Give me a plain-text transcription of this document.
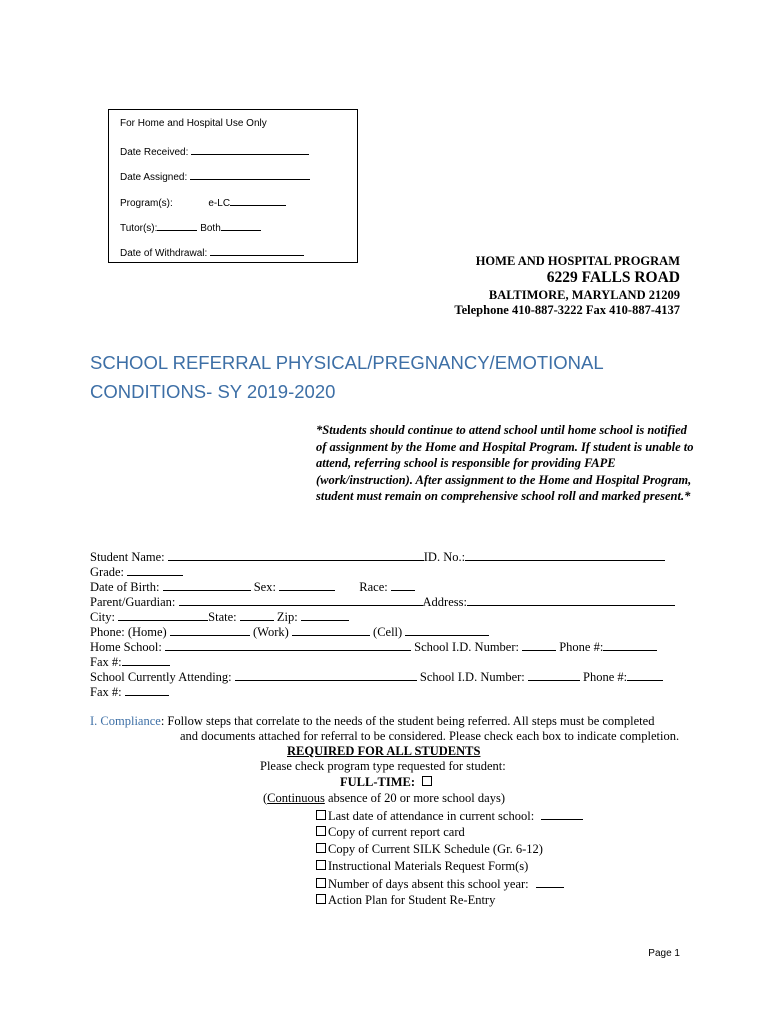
For Home and Hospital Use Only
Date Received:
Date Assigned:
Program(s):	e-LC
Tutor(s):	Both
Date of Withdrawal:
HOME AND HOSPITAL PROGRAM
6229 FALLS ROAD
BALTIMORE, MARYLAND 21209
Telephone 410-887-3222 Fax 410-887-4137
SCHOOL REFERRAL PHYSICAL/PREGNANCY/EMOTIONAL CONDITIONS- SY 2019-2020
*Students should continue to attend school until home school is notified of assignment by the Home and Hospital Program. If student is unable to attend, referring school is responsible for providing FAPE (work/instruction). After assignment to the Home and Hospital Program, student must remain on comprehensive school roll and marked present.*
Student Name:	ID. No.:
Grade:
Date of Birth:	Sex:	Race:
Parent/Guardian:	Address:
City:	State:	Zip:
Phone: (Home)	(Work)	(Cell)
Home School:	School I.D. Number:	Phone #:
Fax #:
School Currently Attending:	School I.D. Number:	Phone #:
Fax #:
I. Compliance: Follow steps that correlate to the needs of the student being referred. All steps must be completed
and documents attached for referral to be considered. Please check each box to indicate completion.
REQUIRED FOR ALL STUDENTS
Please check program type requested for student:
FULL-TIME:
(Continuous absence of 20 or more school days)
Last date of attendance in current school:
Copy of current report card
Copy of Current SILK Schedule (Gr. 6-12)
Instructional Materials Request Form(s)
Number of days absent this school year:
Action Plan for Student Re-Entry
Page 1
